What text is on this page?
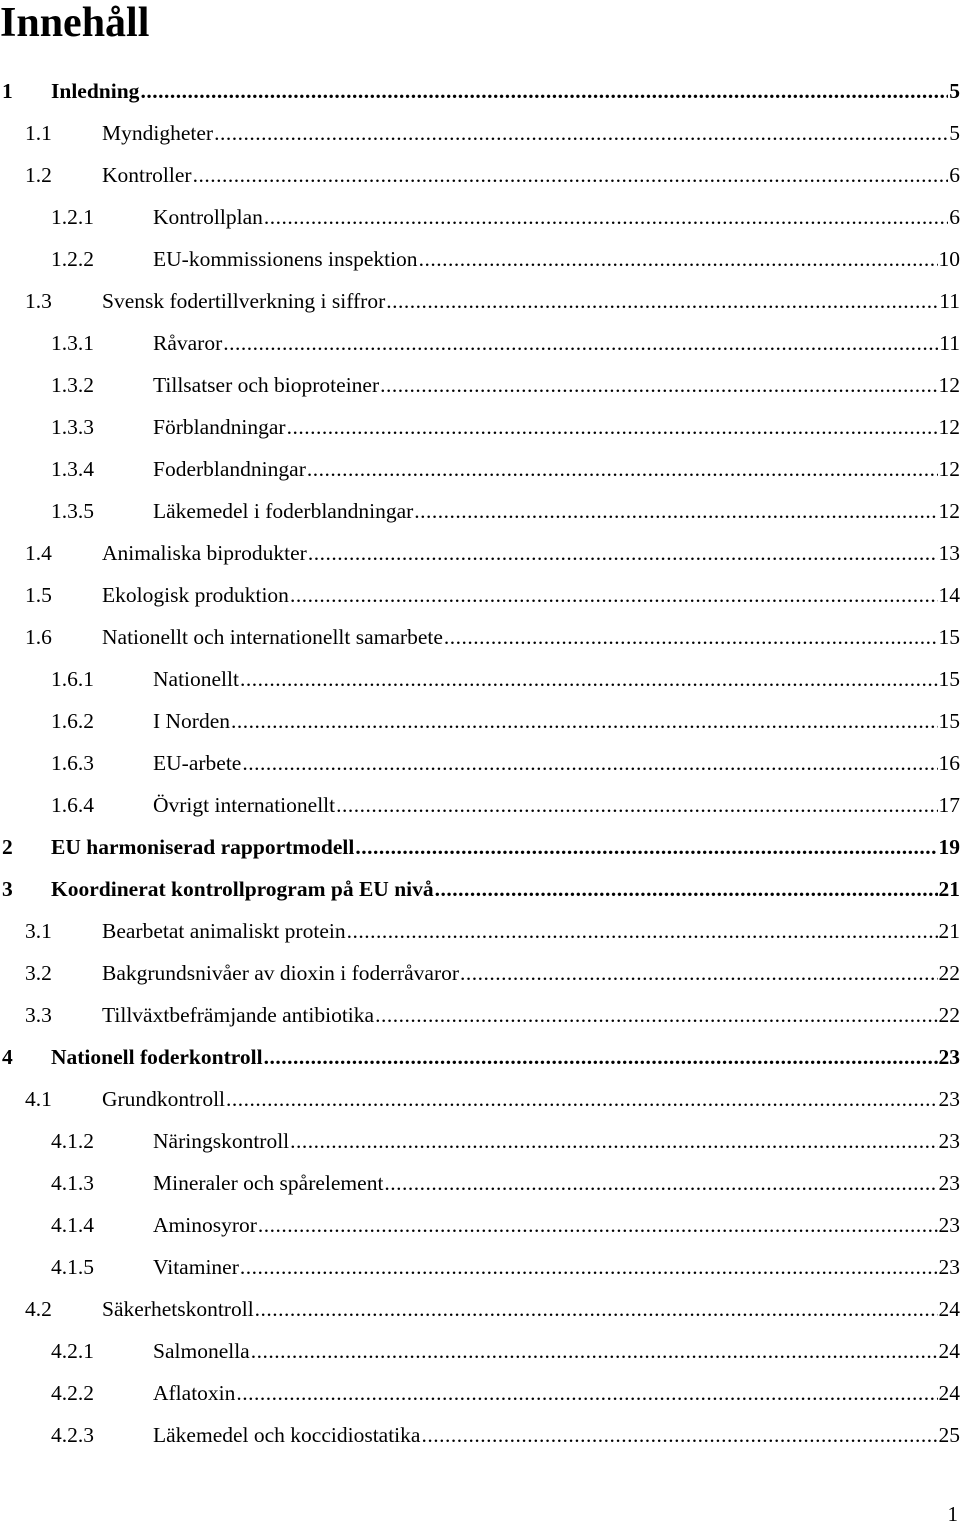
Innehåll
1 Inledning .....	5
1.1 Myndigheter .....	5
1.2 Kontroller .....	6
1.2.1	Kontrollplan .....	6
1.2.2	EU-kommissionens inspektion .....	10
1.3 Svensk fodertillverkning i siffror .....	11
1.3.1	Råvaror .....	11
1.3.2	Tillsatser och bioproteiner .....	12
1.3.3	Förblandningar .....	12
1.3.4	Foderblandningar .....	12
1.3.5	Läkemedel i foderblandningar .....	12
1.4 Animaliska biprodukter .....	13
1.5 Ekologisk produktion .....	14
1.6 Nationellt och internationellt samarbete .....	15
1.6.1	Nationellt .....	15
1.6.2	I Norden .....	15
1.6.3	EU-arbete .....	16
1.6.4	Övrigt internationellt .....	17
2 EU harmoniserad rapportmodell .....	19
3 Koordinerat kontrollprogram på EU nivå .....	21
3.1 Bearbetat animaliskt protein .....	21
3.2 Bakgrundsnivåer av dioxin i foderråvaror .....	22
3.3 Tillväxtbefrämjande antibiotika .....	22
4 Nationell foderkontroll .....	23
4.1 Grundkontroll .....	23
4.1.2	Näringskontroll .....	23
4.1.3	Mineraler och spårelement .....	23
4.1.4	Aminosyror .....	23
4.1.5	Vitaminer .....	23
4.2 Säkerhetskontroll .....	24
4.2.1	Salmonella .....	24
4.2.2	Aflatoxin .....	24
4.2.3	Läkemedel och koccidiostatika .....	25
1
